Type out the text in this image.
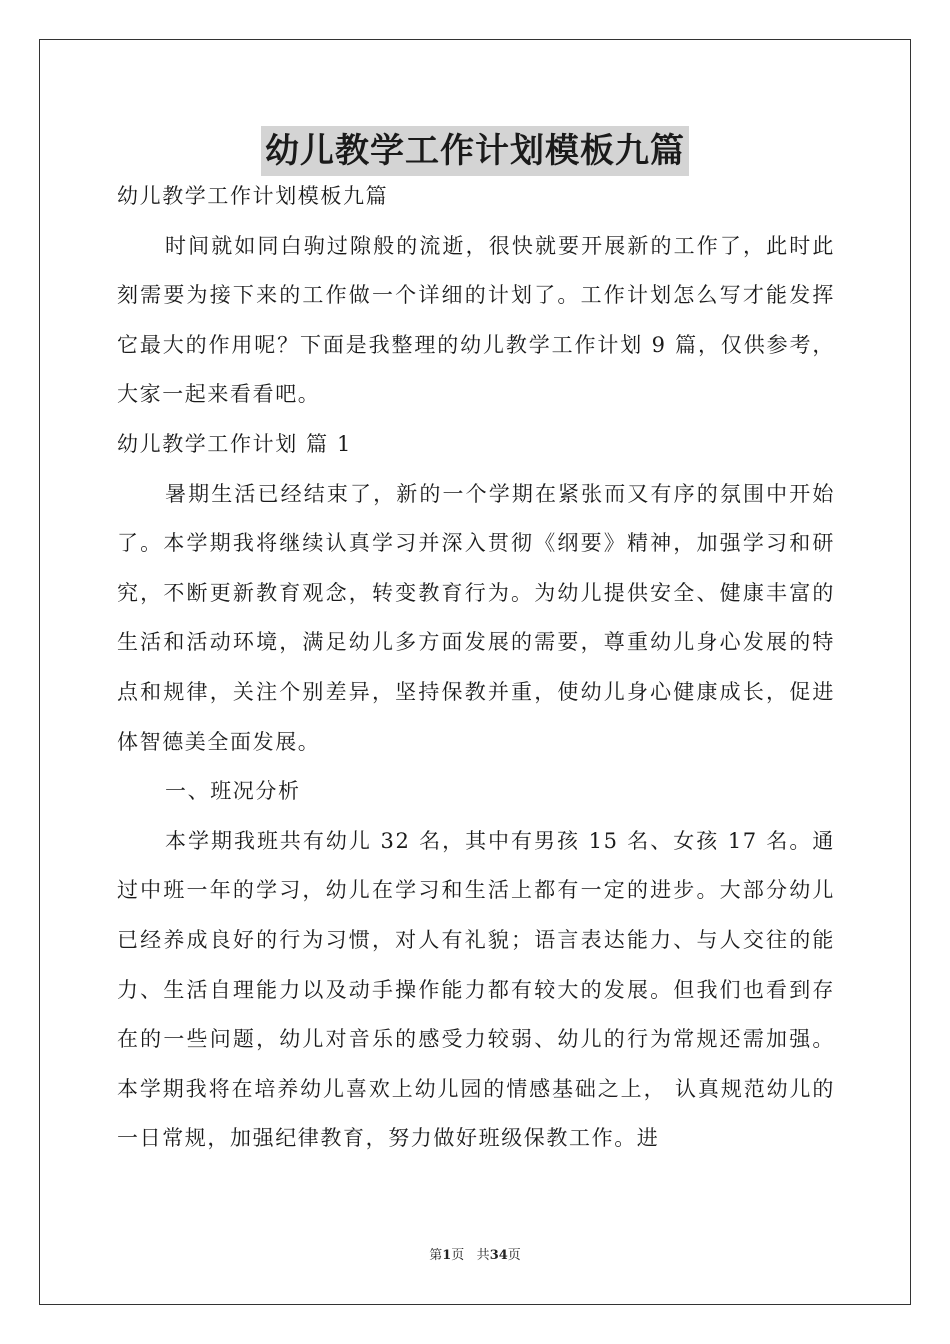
幼儿教学工作计划模板九篇

幼儿教学工作计划模板九篇

时间就如同白驹过隙般的流逝，很快就要开展新的工作了，此时此刻需要为接下来的工作做一个详细的计划了。工作计划怎么写才能发挥它最大的作用呢？下面是我整理的幼儿教学工作计划 9 篇，仅供参考，大家一起来看看吧。

幼儿教学工作计划 篇 1

暑期生活已经结束了，新的一个学期在紧张而又有序的氛围中开始了。本学期我将继续认真学习并深入贯彻《纲要》精神，加强学习和研究，不断更新教育观念，转变教育行为。为幼儿提供安全、健康丰富的生活和活动环境，满足幼儿多方面发展的需要，尊重幼儿身心发展的特点和规律，关注个别差异，坚持保教并重，使幼儿身心健康成长，促进体智德美全面发展。

一、班况分析

本学期我班共有幼儿 32 名，其中有男孩 15 名、女孩 17 名。通过中班一年的学习，幼儿在学习和生活上都有一定的进步。大部分幼儿已经养成良好的行为习惯，对人有礼貌；语言表达能力、与人交往的能力、生活自理能力以及动手操作能力都有较大的发展。但我们也看到存在的一些问题，幼儿对音乐的感受力较弱、幼儿的行为常规还需加强。本学期我将在培养幼儿喜欢上幼儿园的情感基础之上， 认真规范幼儿的一日常规，加强纪律教育，努力做好班级保教工作。进

第1页 共34页
